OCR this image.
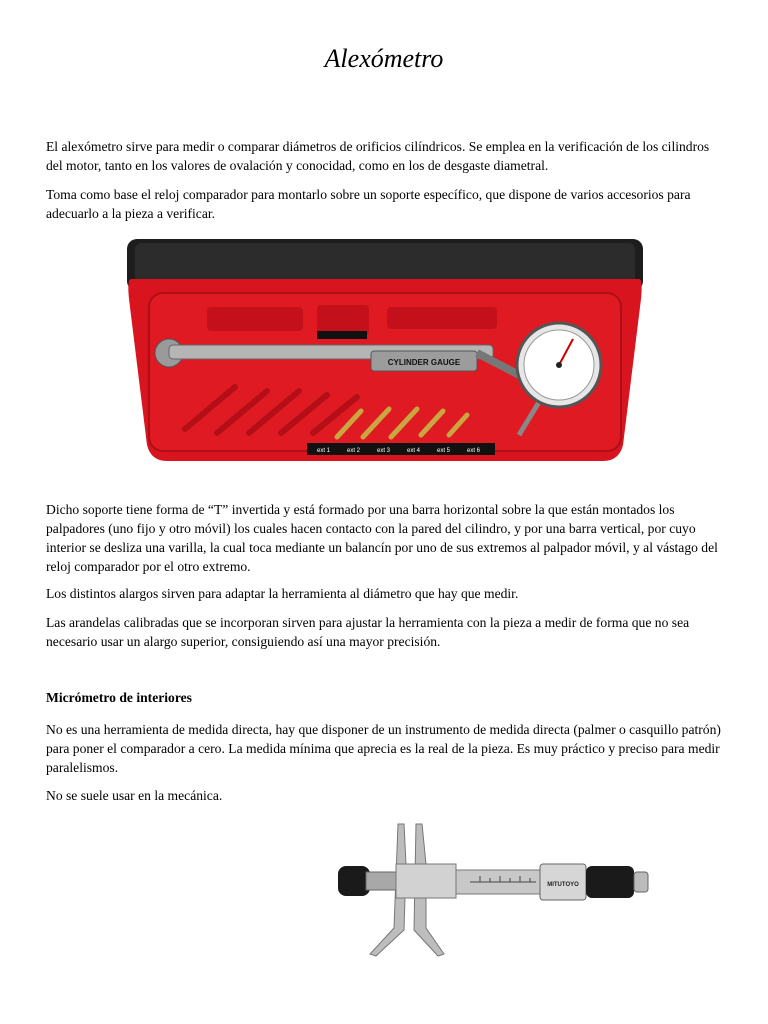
Alexómetro

El alexómetro sirve para medir o comparar diámetros de orificios cilíndricos. Se emplea en la verificación de los cilindros del motor, tanto en los valores de ovalación y conocidad, como en los de desgaste diametral.

Toma como base el reloj comparador para montarlo sobre un soporte específico, que dispone de varios accesorios para adecuarlo a la pieza a verificar.

CYLINDER GAUGE
ext 1	ext 2	ext 3	ext 4	ext 5	ext 6

Dicho soporte tiene forma de “T” invertida y está formado por una barra horizontal sobre la que están montados los palpadores (uno fijo y otro móvil) los cuales hacen contacto con la pared del cilindro, y por una barra vertical, por cuyo interior se desliza una varilla, la cual toca mediante un balancín por uno de sus extremos al palpador móvil, y al vástago del reloj comparador por el otro extremo.

Los distintos alargos sirven para adaptar la herramienta al diámetro que hay que medir.

Las arandelas calibradas que se incorporan sirven para ajustar la herramienta con la pieza a medir de forma que no sea necesario usar un alargo superior, consiguiendo así una mayor precisión.

Micrómetro de interiores

No es una herramienta de medida directa, hay que disponer de un instrumento de medida directa (palmer o casquillo patrón) para poner el comparador a cero. La medida mínima que aprecia es la real de la pieza. Es muy práctico y preciso para medir paralelismos.

No se suele usar en la mecánica.

MITUTOYO
